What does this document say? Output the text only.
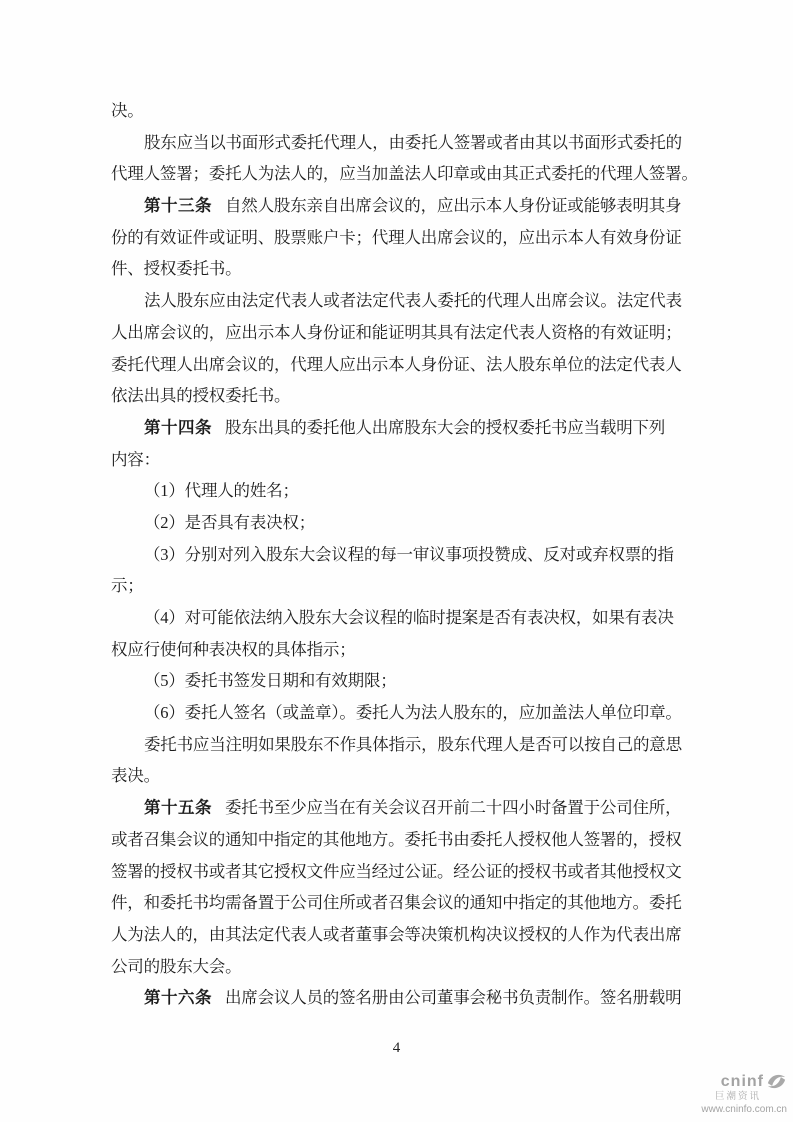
决。
股东应当以书面形式委托代理人，由委托人签署或者由其以书面形式委托的
代理人签署；委托人为法人的，应当加盖法人印章或由其正式委托的代理人签署。
第十三条 自然人股东亲自出席会议的，应出示本人身份证或能够表明其身
份的有效证件或证明、股票账户卡；代理人出席会议的，应出示本人有效身份证
件、授权委托书。
法人股东应由法定代表人或者法定代表人委托的代理人出席会议。法定代表
人出席会议的，应出示本人身份证和能证明其具有法定代表人资格的有效证明；
委托代理人出席会议的，代理人应出示本人身份证、法人股东单位的法定代表人
依法出具的授权委托书。
第十四条 股东出具的委托他人出席股东大会的授权委托书应当载明下列
内容：
（1）代理人的姓名；
（2）是否具有表决权；
（3）分别对列入股东大会议程的每一审议事项投赞成、反对或弃权票的指
示；
（4）对可能依法纳入股东大会议程的临时提案是否有表决权，如果有表决
权应行使何种表决权的具体指示；
（5）委托书签发日期和有效期限；
（6）委托人签名（或盖章）。委托人为法人股东的，应加盖法人单位印章。
委托书应当注明如果股东不作具体指示，股东代理人是否可以按自己的意思
表决。
第十五条 委托书至少应当在有关会议召开前二十四小时备置于公司住所，
或者召集会议的通知中指定的其他地方。委托书由委托人授权他人签署的，授权
签署的授权书或者其它授权文件应当经过公证。经公证的授权书或者其他授权文
件，和委托书均需备置于公司住所或者召集会议的通知中指定的其他地方。委托
人为法人的，由其法定代表人或者董事会等决策机构决议授权的人作为代表出席
公司的股东大会。
第十六条 出席会议人员的签名册由公司董事会秘书负责制作。签名册载明
4
cninf
巨潮资讯
www.cninfo.com.cn
